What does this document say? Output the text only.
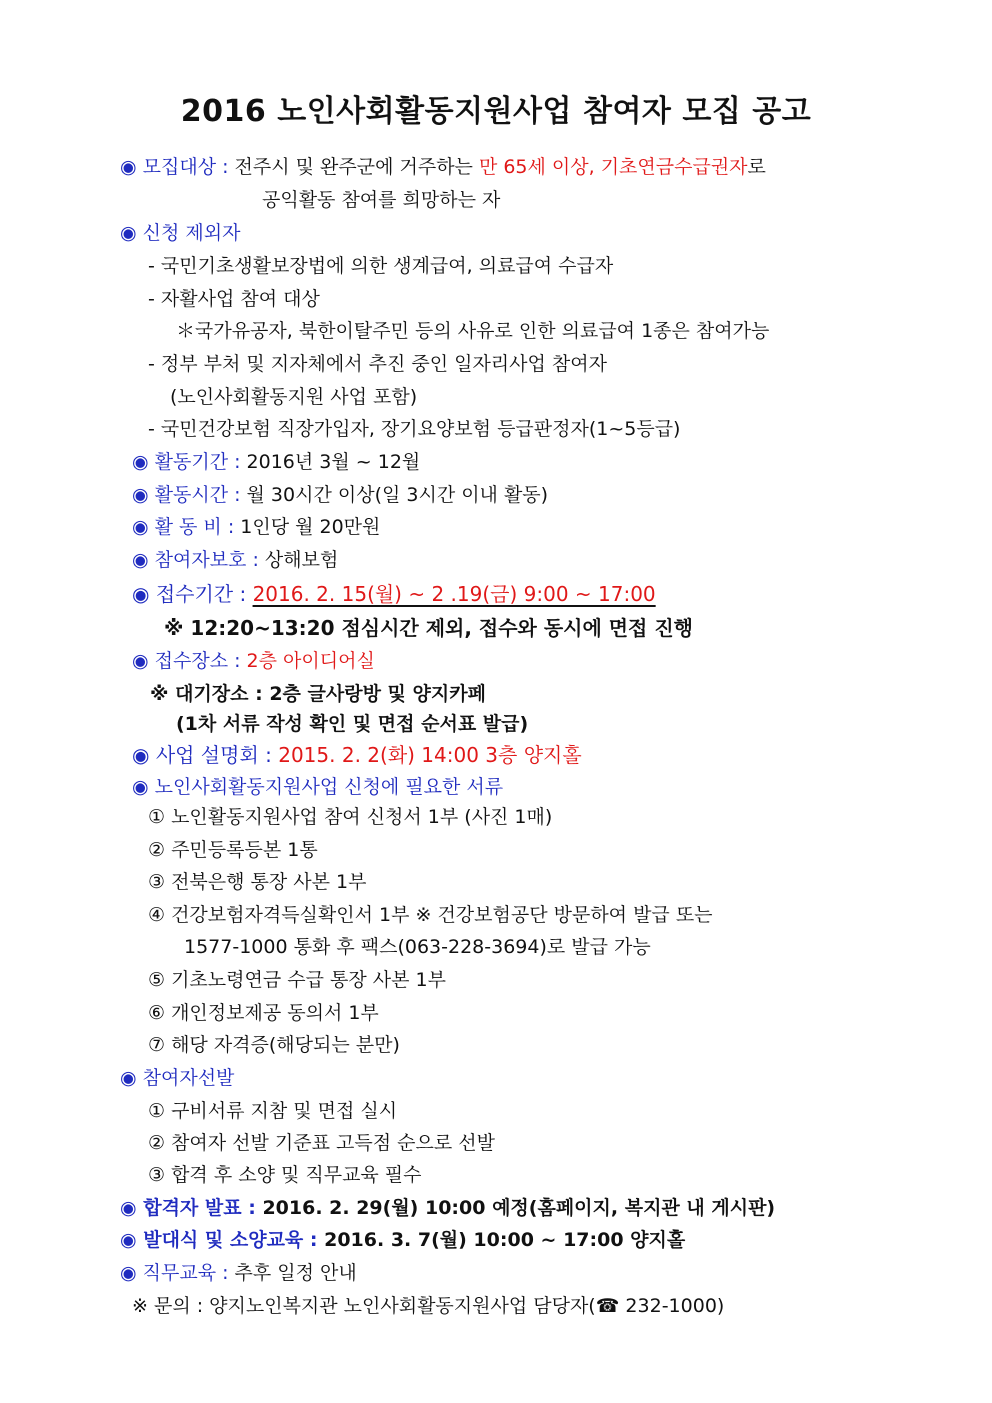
2016 노인사회활동지원사업 참여자 모집 공고
◉ 모집대상 : 전주시 및 완주군에 거주하는 만 65세 이상, 기초연금수급권자로
공익활동 참여를 희망하는 자
◉ 신청 제외자
- 국민기초생활보장법에 의한 생계급여, 의료급여 수급자
- 자활사업 참여 대상
＊국가유공자, 북한이탈주민 등의 사유로 인한 의료급여 1종은 참여가능
- 정부 부처 및 지자체에서 추진 중인 일자리사업 참여자
(노인사회활동지원 사업 포함)
- 국민건강보험 직장가입자, 장기요양보험 등급판정자(1~5등급)
◉ 활동기간 : 2016년 3월 ~ 12월
◉ 활동시간 : 월 30시간 이상(일 3시간 이내 활동)
◉ 활 동 비 : 1인당 월 20만원
◉ 참여자보호 : 상해보험
◉ 접수기간 : 2016. 2. 15(월) ~ 2 .19(금) 9:00 ~ 17:00
※ 12:20~13:20 점심시간 제외, 접수와 동시에 면접 진행
◉ 접수장소 : 2층 아이디어실
※ 대기장소 : 2층 글사랑방 및 양지카페
(1차 서류 작성 확인 및 면접 순서표 발급)
◉ 사업 설명회 : 2015. 2. 2(화) 14:00 3층 양지홀
◉ 노인사회활동지원사업 신청에 필요한 서류
① 노인활동지원사업 참여 신청서 1부 (사진 1매)
② 주민등록등본 1통
③ 전북은행 통장 사본 1부
④ 건강보험자격득실확인서 1부 ※ 건강보험공단 방문하여 발급 또는
1577-1000 통화 후 팩스(063-228-3694)로 발급 가능
⑤ 기초노령연금 수급 통장 사본 1부
⑥ 개인정보제공 동의서 1부
⑦ 해당 자격증(해당되는 분만)
◉ 참여자선발
① 구비서류 지참 및 면접 실시
② 참여자 선발 기준표 고득점 순으로 선발
③ 합격 후 소양 및 직무교육 필수
◉ 합격자 발표 : 2016. 2. 29(월) 10:00 예정(홈페이지, 복지관 내 게시판)
◉ 발대식 및 소양교육 : 2016. 3. 7(월) 10:00 ~ 17:00 양지홀
◉ 직무교육 : 추후 일정 안내
※ 문의 : 양지노인복지관 노인사회활동지원사업 담당자(☎ 232-1000)
